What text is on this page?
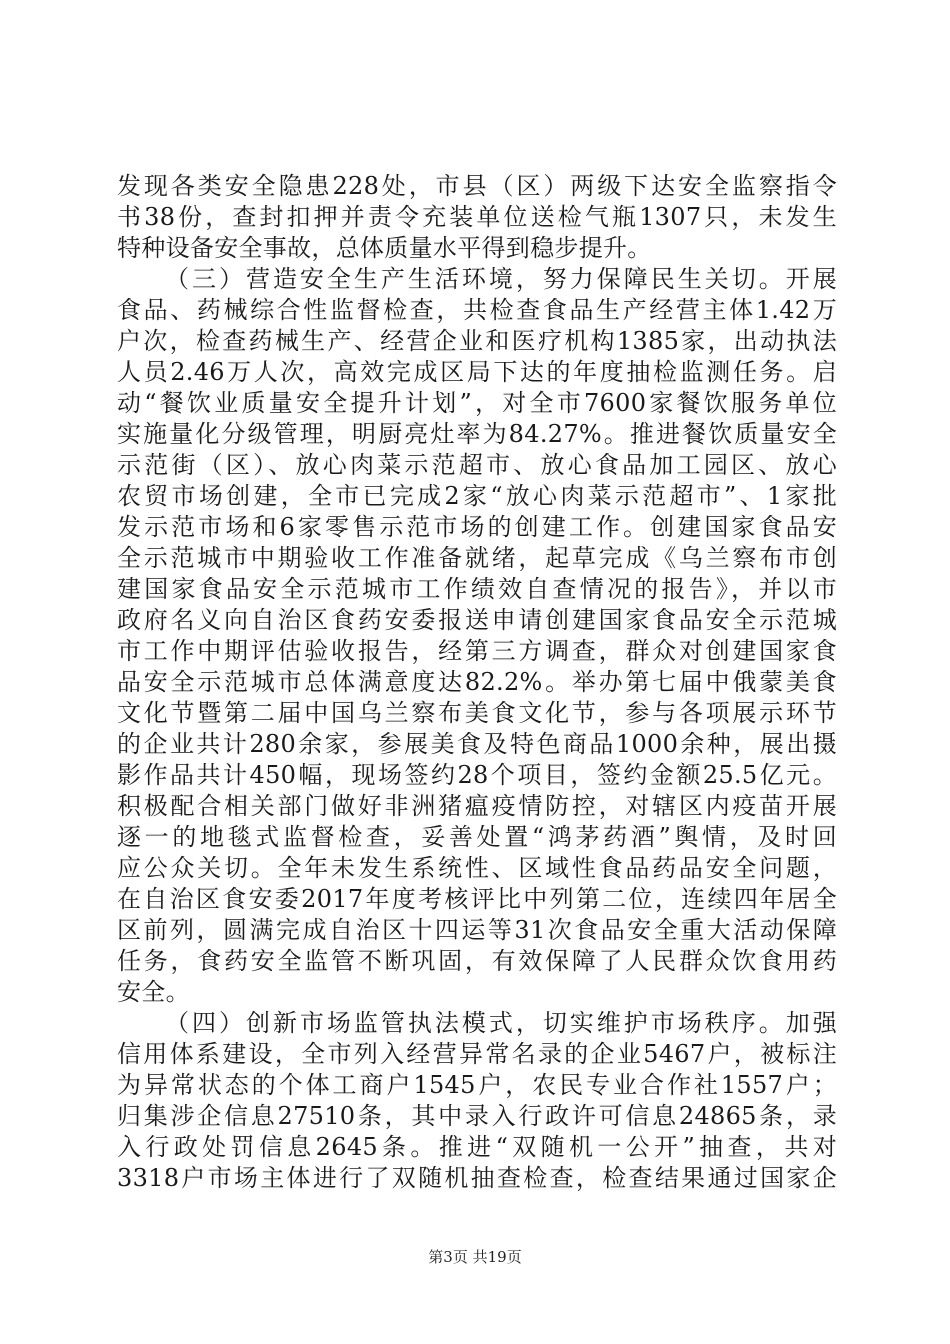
发现各类安全隐患228处，市县（区）两级下达安全监察指令
书38份，查封扣押并责令充装单位送检气瓶1307只，未发生
特种设备安全事故，总体质量水平得到稳步提升。
（三）营造安全生产生活环境，努力保障民生关切。开展
食品、药械综合性监督检查，共检查食品生产经营主体1.42万
户次，检查药械生产、经营企业和医疗机构1385家，出动执法
人员2.46万人次，高效完成区局下达的年度抽检监测任务。启
动“餐饮业质量安全提升计划”，对全市7600家餐饮服务单位
实施量化分级管理，明厨亮灶率为84.27%。推进餐饮质量安全
示范街（区）、放心肉菜示范超市、放心食品加工园区、放心
农贸市场创建，全市已完成2家“放心肉菜示范超市”、1家批
发示范市场和6家零售示范市场的创建工作。创建国家食品安
全示范城市中期验收工作准备就绪，起草完成《乌兰察布市创
建国家食品安全示范城市工作绩效自查情况的报告》，并以市
政府名义向自治区食药安委报送申请创建国家食品安全示范城
市工作中期评估验收报告，经第三方调查，群众对创建国家食
品安全示范城市总体满意度达82.2%。举办第七届中俄蒙美食
文化节暨第二届中国乌兰察布美食文化节，参与各项展示环节
的企业共计280余家，参展美食及特色商品1000余种，展出摄
影作品共计450幅，现场签约28个项目，签约金额25.5亿元。
积极配合相关部门做好非洲猪瘟疫情防控，对辖区内疫苗开展
逐一的地毯式监督检查，妥善处置“鸿茅药酒”舆情，及时回
应公众关切。全年未发生系统性、区域性食品药品安全问题，
在自治区食安委2017年度考核评比中列第二位，连续四年居全
区前列，圆满完成自治区十四运等31次食品安全重大活动保障
任务，食药安全监管不断巩固，有效保障了人民群众饮食用药
安全。
（四）创新市场监管执法模式，切实维护市场秩序。加强
信用体系建设，全市列入经营异常名录的企业5467户，被标注
为异常状态的个体工商户1545户，农民专业合作社1557户；
归集涉企信息27510条，其中录入行政许可信息24865条，录
入行政处罚信息2645条。推进“双随机一公开”抽查，共对
3318户市场主体进行了双随机抽查检查，检查结果通过国家企
第3页 共19页
